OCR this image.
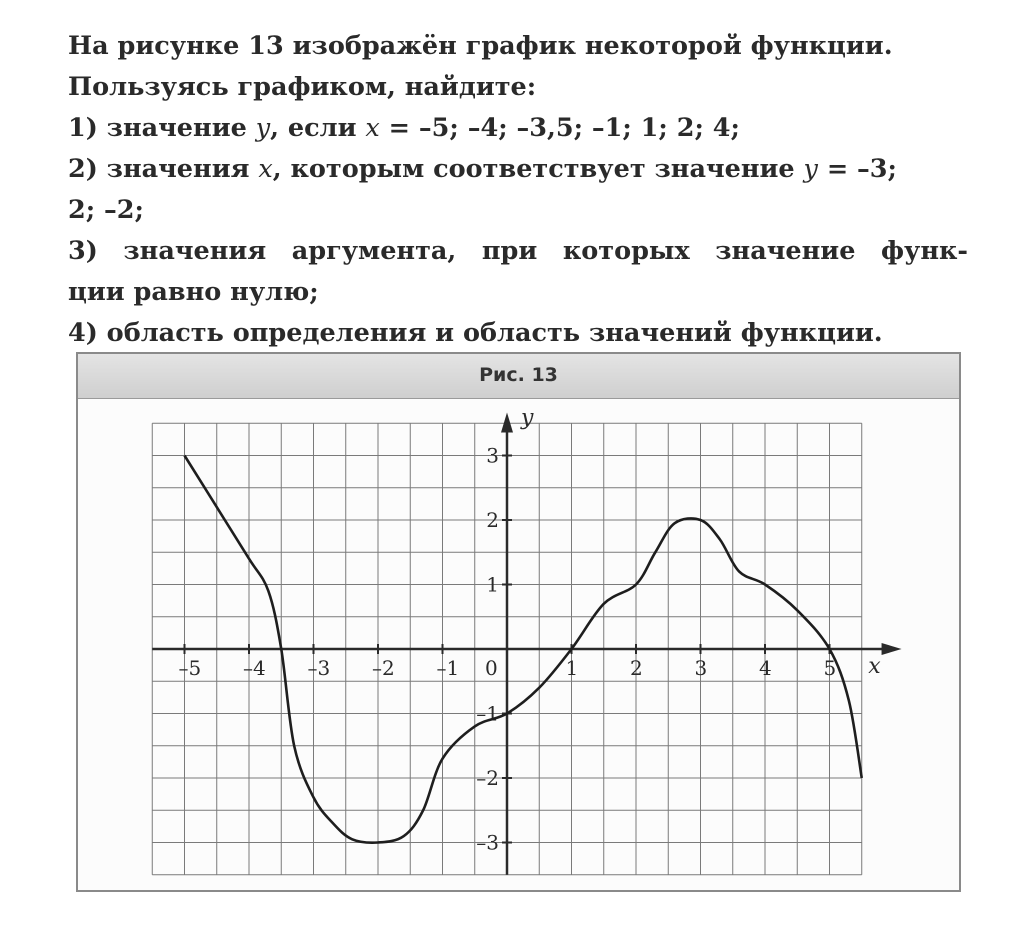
На рисунке 13 изображён график некоторой функции.

Пользуясь графиком, найдите:

1) значение y, если x = –5; –4; –3,5; –1; 1; 2; 4;

2) значения x, которым соответствует значение y = –3;

2; –2;

3) значения аргумента, при которых значение функ-

ции равно нулю;

4) область определения и область значений функции.

Рис. 13
x
y
–5 –4 –3 –2 –1 0	1	2	3	4	5
3
2
1
–1
–2
–3
